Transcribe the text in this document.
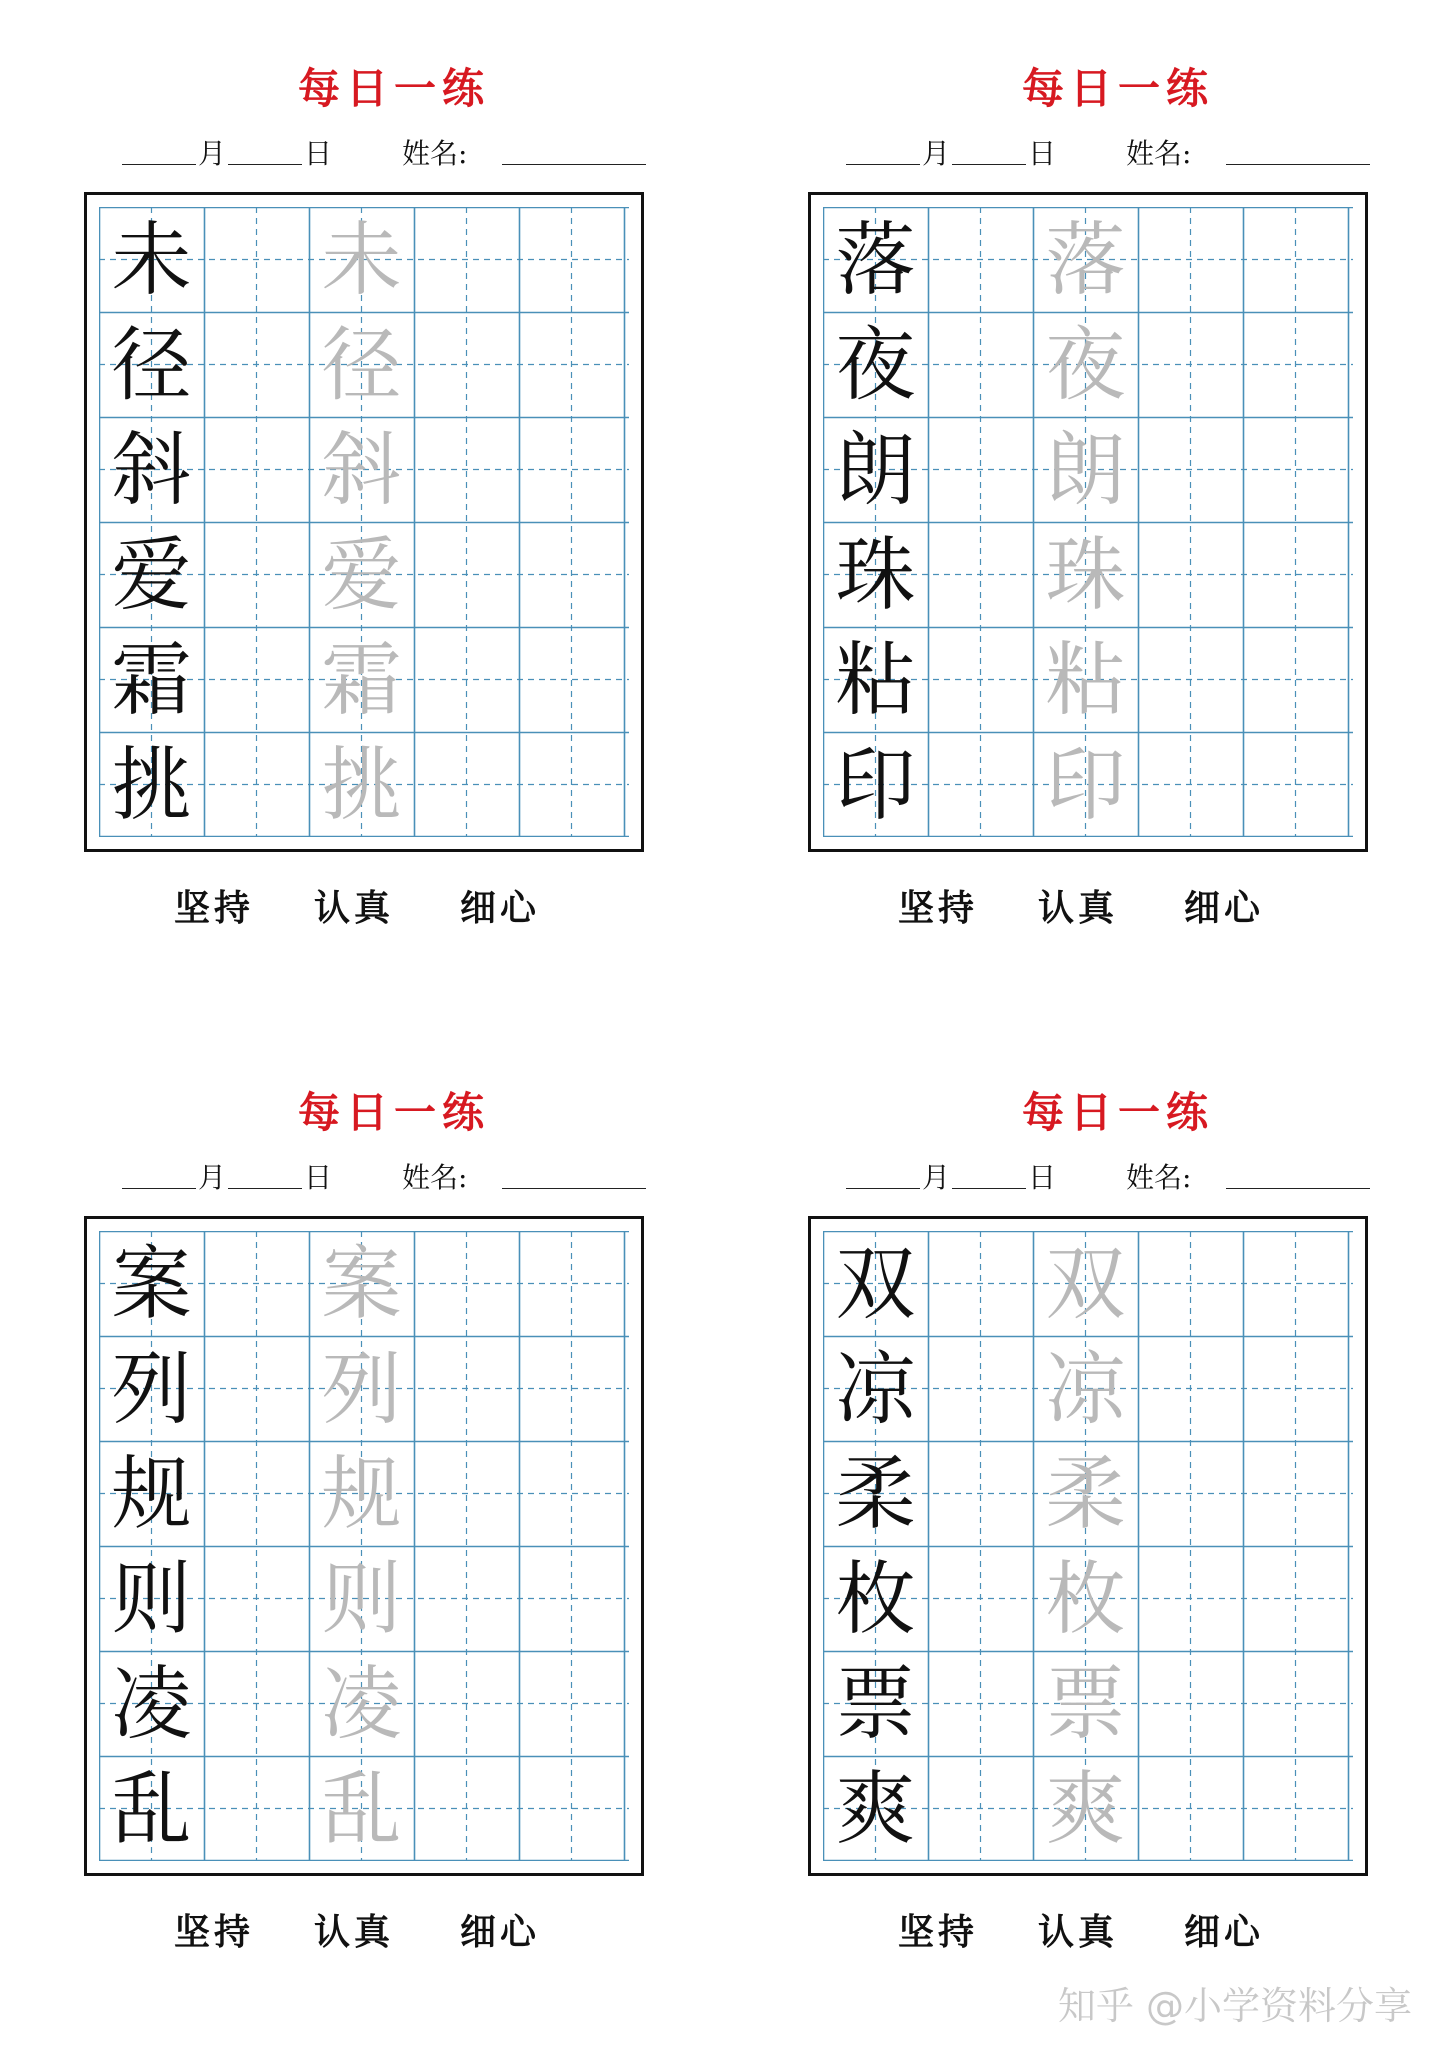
每日一练
月	日 姓名:
未 未
径 径
斜 斜
爱 爱
霜 霜
挑 挑
坚持 认真 细心
每日一练
月	日 姓名:
落 落
夜 夜
朗 朗
珠 珠
粘 粘
印 印
坚持 认真 细心
每日一练
月	日 姓名:
案 案
列 列
规 规
则 则
凌 凌
乱 乱
坚持 认真 细心
每日一练
月	日 姓名:
双 双
凉 凉
柔 柔
枚 枚
票 票
爽 爽
坚持 认真 细心
知乎 @小学资料分享
